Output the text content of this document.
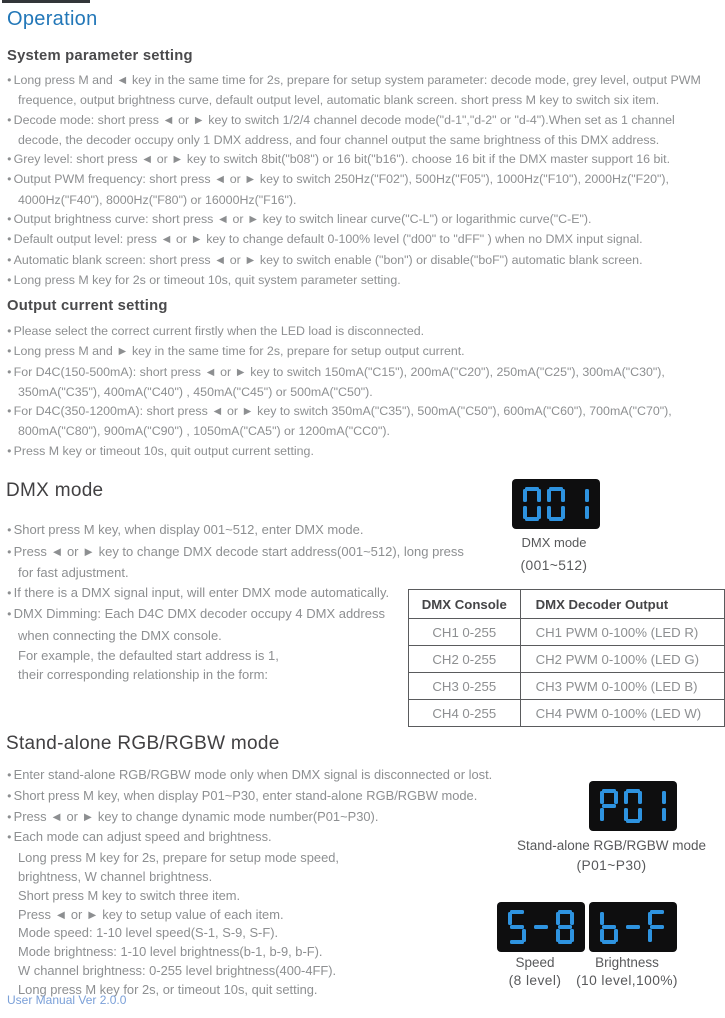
Operation
System parameter setting
● Long press M and ◄ key in the same time for 2s, prepare for setup system parameter: decode mode, grey level, output PWM frequence, output brightness curve, default output level, automatic blank screen. short press M key to switch six item.
● Decode mode: short press ◄ or ► key to switch 1/2/4 channel decode mode("d-1","d-2" or "d-4").When set as 1 channel decode, the decoder occupy only 1 DMX address, and four channel output the same brightness of this DMX address.
● Grey level: short press ◄ or ► key to switch 8bit("b08") or 16 bit("b16"). choose 16 bit if the DMX master support 16 bit.
● Output PWM frequency: short press ◄ or ► key to switch 250Hz("F02"), 500Hz("F05"), 1000Hz("F10"), 2000Hz("F20"), 4000Hz("F40"), 8000Hz("F80") or 16000Hz("F16").
● Output brightness curve: short press ◄ or ► key to switch linear curve("C-L") or logarithmic curve("C-E").
● Default output level: press ◄ or ► key to change default 0-100% level ("d00" to "dFF" ) when no DMX input signal.
● Automatic blank screen: short press ◄ or ► key to switch enable ("bon") or disable("boF") automatic blank screen.
● Long press M key for 2s or timeout 10s, quit system parameter setting.
Output current setting
● Please select the correct current firstly when the LED load is disconnected.
● Long press M and ► key in the same time for 2s, prepare for setup output current.
● For D4C(150-500mA): short press ◄ or ► key to switch 150mA("C15"), 200mA("C20"), 250mA("C25"), 300mA("C30"), 350mA("C35"), 400mA("C40") , 450mA("C45") or 500mA("C50").
● For D4C(350-1200mA): short press ◄ or ► key to switch 350mA("C35"), 500mA("C50"), 600mA("C60"), 700mA("C70"), 800mA("C80"), 900mA("C90") , 1050mA("CA5") or 1200mA("CC0").
● Press M key or timeout 10s, quit output current setting.
DMX mode
● Short press M key, when display 001~512, enter DMX mode.
● Press ◄ or ► key to change DMX decode start address(001~512), long press for fast adjustment.
● If there is a DMX signal input, will enter DMX mode automatically.
● DMX Dimming: Each D4C DMX decoder occupy 4 DMX address
when connecting the DMX console.
For example, the defaulted start address is 1,
their corresponding relationship in the form:
DMX mode
(001~512)
DMX Console	DMX Decoder Output
CH1 0-255	CH1 PWM 0-100% (LED R)
CH2 0-255	CH2 PWM 0-100% (LED G)
CH3 0-255	CH3 PWM 0-100% (LED B)
CH4 0-255	CH4 PWM 0-100% (LED W)
Stand-alone RGB/RGBW mode
● Enter stand-alone RGB/RGBW mode only when DMX signal is disconnected or lost.
● Short press M key, when display P01~P30, enter stand-alone RGB/RGBW mode.
● Press ◄ or ► key to change dynamic mode number(P01~P30).
● Each mode can adjust speed and brightness.
Long press M key for 2s, prepare for setup mode speed,
brightness, W channel brightness.
Short press M key to switch three item.
Press ◄ or ► key to setup value of each item.
Mode speed: 1-10 level speed(S-1, S-9, S-F).
Mode brightness: 1-10 level brightness(b-1, b-9, b-F).
W channel brightness: 0-255 level brightness(400-4FF).
Long press M key for 2s, or timeout 10s, quit setting.
Stand-alone RGB/RGBW mode
(P01~P30)
Speed
(8 level)
Brightness
(10 level,100%)
User Manual Ver 2.0.0
